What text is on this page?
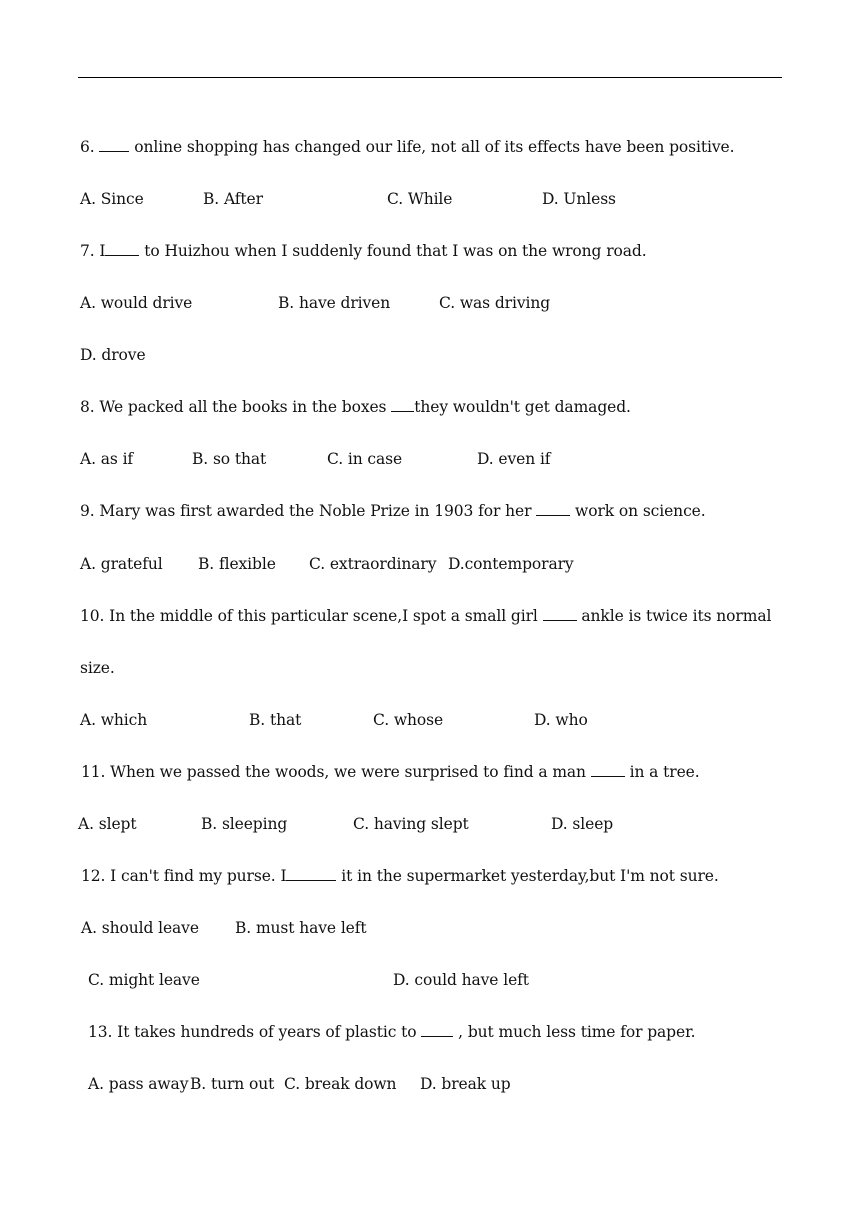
6.  online shopping has changed our life, not all of its effects have been positive.
A. Since	B. After	C. While	D. Unless
7. I to Huizhou when I suddenly found that I was on the wrong road.
A. would drive	B. have driven	C. was driving
D. drove
8. We packed all the books in the boxes they wouldn't get damaged.
A. as if	B. so that	C. in case	D. even if
9. Mary was first awarded the Noble Prize in 1903 for her  work on science.
A. grateful B. flexible C. extraordinary D.contemporary
10. In the middle of this particular scene,I spot a small girl  ankle is twice its normal
size.
A. which	B. that	C. whose	D. who
11. When we passed the woods, we were surprised to find a man  in a tree.
A. slept	B. sleeping	C. having slept	D. sleep
12. I can't find my purse. I	it in the supermarket yesterday,but I'm not sure.
A. should leave B. must have left
C. might leave	D. could have left
13. It takes hundreds of years of plastic to  , but much less time for paper.
A. pass away B. turn out C. break down D. break up
